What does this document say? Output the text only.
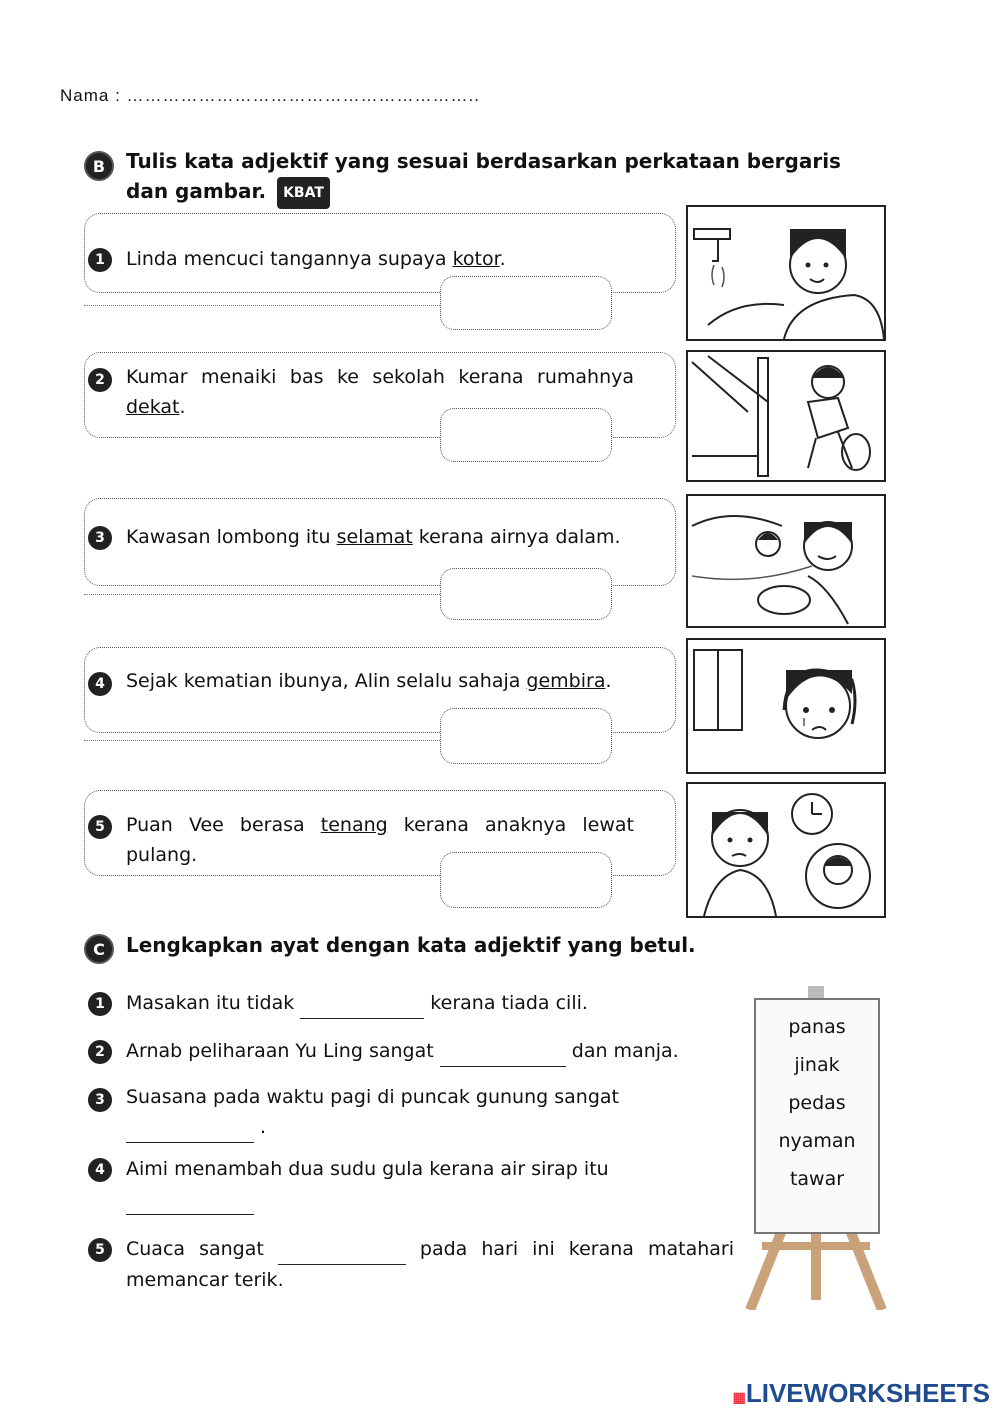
Nama : …………………………………………………..
B	Tulis kata adjektif yang sesuai berdasarkan perkataan bergaris dan gambar. KBAT
1	Linda mencuci tangannya supaya kotor.
2	Kumar menaiki bas ke sekolah kerana rumahnya dekat.
3	Kawasan lombong itu selamat kerana airnya dalam.
4	Sejak kematian ibunya, Alin selalu sahaja gembira.
5	Puan Vee berasa tenang kerana anaknya lewat pulang.
C	Lengkapkan ayat dengan kata adjektif yang betul.
1	Masakan itu tidak	kerana tiada cili.
2	Arnab peliharaan Yu Ling sangat	dan manja.
3	Suasana pada waktu pagi di puncak gunung sangat
.
4	Aimi menambah dua sudu gula kerana air sirap itu

5	Cuaca sangat	pada hari ini kerana matahari memancar terik.
panas
jinak
pedas
nyaman
tawar
▦LIVEWORKSHEETS
